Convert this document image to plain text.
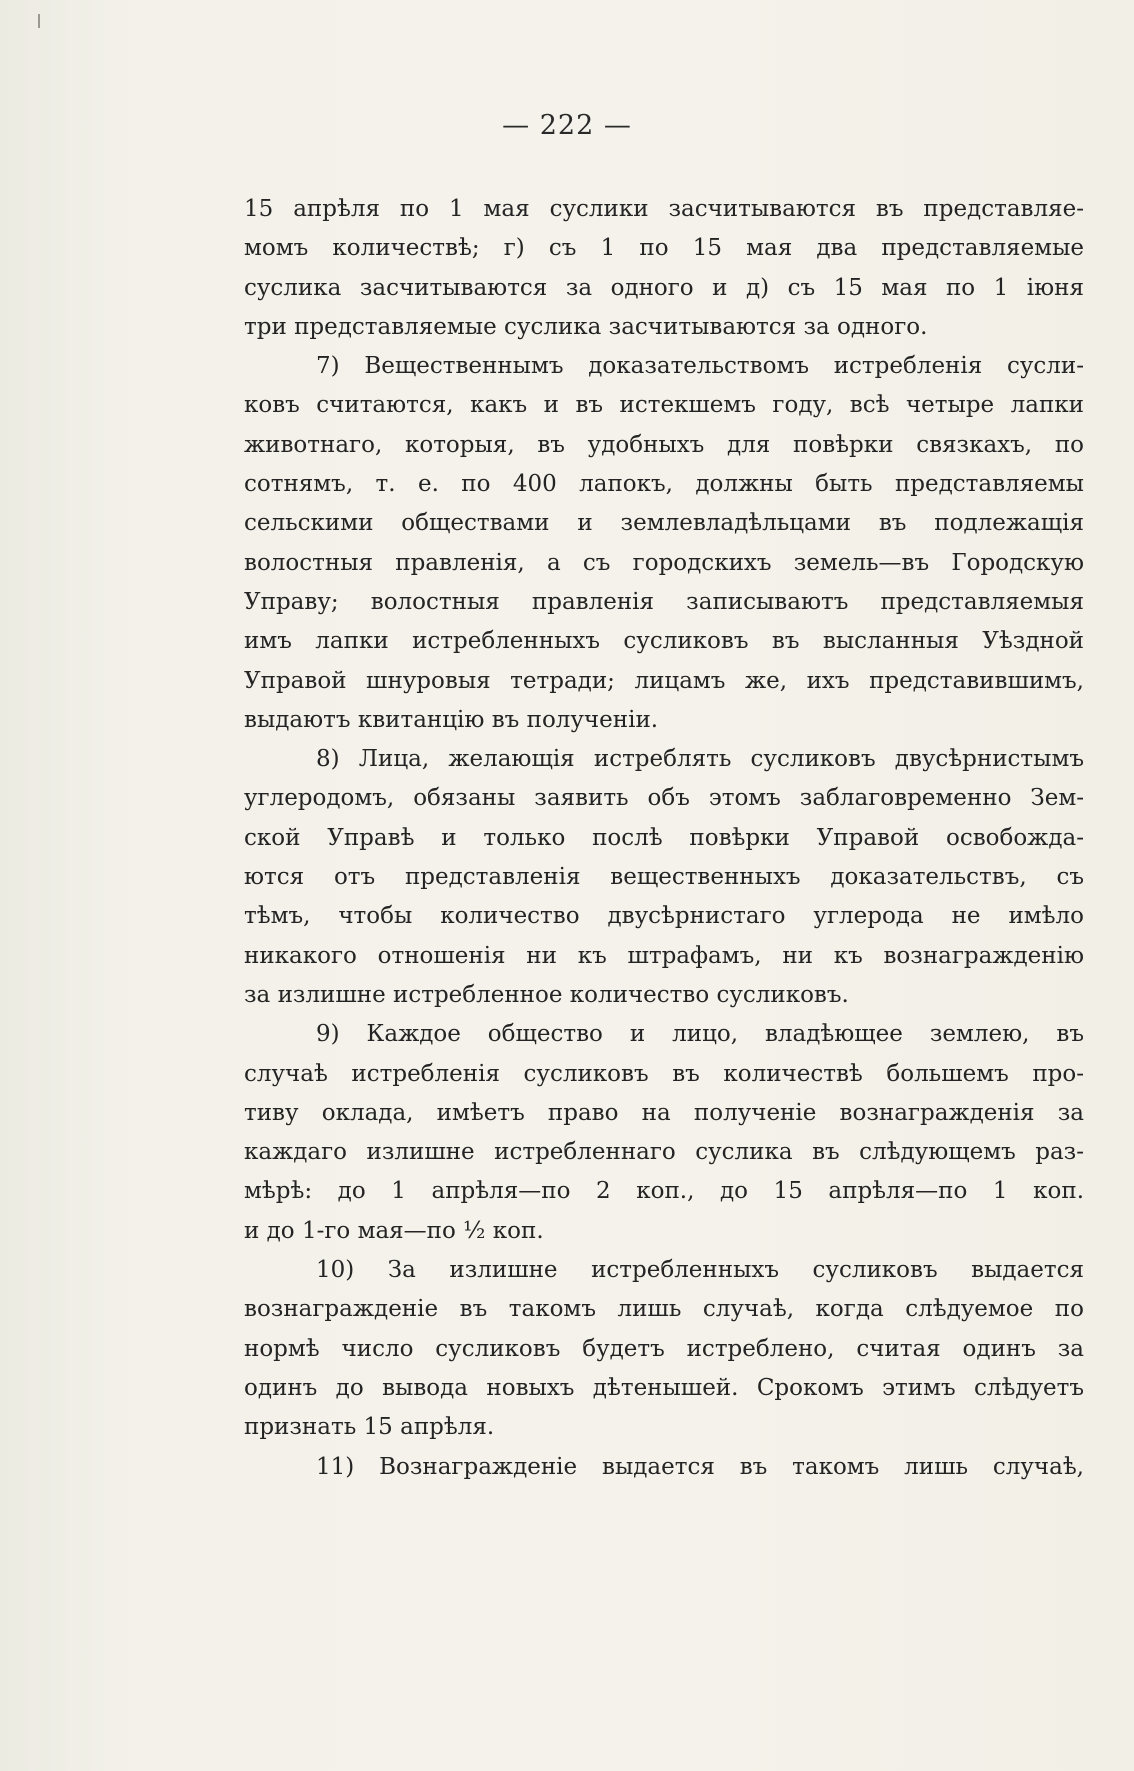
— 222 —
15 апрѣля по 1 мая суслики засчитываются въ представляе-
момъ количествѣ; г) съ 1 по 15 мая два представляемые
суслика засчитываются за одного и д) съ 15 мая по 1 іюня
три представляемые суслика засчитываются за одного.
7) Вещественнымъ доказательствомъ истребленія сусли-
ковъ считаются, какъ и въ истекшемъ году, всѣ четыре лапки
животнаго, которыя, въ удобныхъ для повѣрки связкахъ, по
сотнямъ, т. е. по 400 лапокъ, должны быть представляемы
сельскими обществами и землевладѣльцами въ подлежащія
волостныя правленія, а съ городскихъ земель—въ Городскую
Управу; волостныя правленія записываютъ представляемыя
имъ лапки истребленныхъ сусликовъ въ высланныя Уѣздной
Управой шнуровыя тетради; лицамъ же, ихъ представившимъ,
выдаютъ квитанцію въ полученіи.
8) Лица, желающія истреблять сусликовъ двусѣрнистымъ
углеродомъ, обязаны заявить объ этомъ заблаговременно Зем-
ской Управѣ и только послѣ повѣрки Управой освобожда-
ются отъ представленія вещественныхъ доказательствъ, съ
тѣмъ, чтобы количество двусѣрнистаго углерода не имѣло
никакого отношенія ни къ штрафамъ, ни къ вознагражденію
за излишне истребленное количество сусликовъ.
9) Каждое общество и лицо, владѣющее землею, въ
случаѣ истребленія сусликовъ въ количествѣ большемъ про-
тиву оклада, имѣетъ право на полученіе вознагражденія за
каждаго излишне истребленнаго суслика въ слѣдующемъ раз-
мѣрѣ: до 1 апрѣля—по 2 коп., до 15 апрѣля—по 1 коп.
и до 1-го мая—по ½ коп.
10) За излишне истребленныхъ сусликовъ выдается
вознагражденіе въ такомъ лишь случаѣ, когда слѣдуемое по
нормѣ число сусликовъ будетъ истреблено, считая одинъ за
одинъ до вывода новыхъ дѣтенышей. Срокомъ этимъ слѣдуетъ
признать 15 апрѣля.
11) Вознагражденіе выдается въ такомъ лишь случаѣ,
